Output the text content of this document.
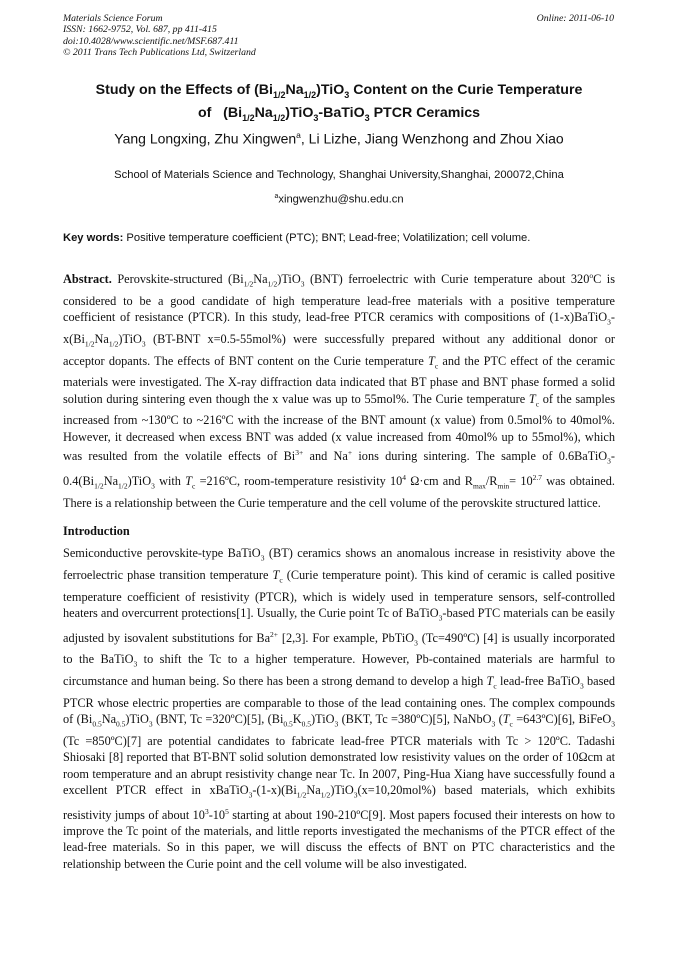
Materials Science Forum
ISSN: 1662-9752, Vol. 687, pp 411-415
doi:10.4028/www.scientific.net/MSF.687.411
© 2011 Trans Tech Publications Ltd, Switzerland
Online: 2011-06-10
Study on the Effects of $(Bi_{1/2}Na_{1/2})TiO_3$ Content on the Curie Temperature
of   $(Bi_{1/2}Na_{1/2})TiO_3-BaTiO_3$ PTCR Ceramics
Yang Longxing, Zhu Xingwen$^a$, Li Lizhe, Jiang Wenzhong and Zhou Xiao
School of Materials Science and Technology, Shanghai University,Shanghai, 200072,China
$^a$xingwenzhu@shu.edu.cn
Key words: Positive temperature coefficient (PTC); BNT; Lead-free; Volatilization; cell volume.
Abstract. Perovskite-structured $(Bi_{1/2}Na_{1/2})TiO_3$ (BNT) ferroelectric with Curie temperature about 320$^o$C is considered to be a good candidate of high temperature lead-free materials with a positive temperature coefficient of resistance (PTCR). In this study, lead-free PTCR ceramics with compositions of $(1-x)BaTiO_3-x(Bi_{1/2}Na_{1/2})TiO_3$ (BT-BNT x=0.5-55mol%) were successfully prepared without any additional donor or acceptor dopants. The effects of BNT content on the Curie temperature $T_c$ and the PTC effect of the ceramic materials were investigated. The X-ray diffraction data indicated that BT phase and BNT phase formed a solid solution during sintering even though the x value was up to 55mol%. The Curie temperature $T_c$ of the samples increased from ~130ºC to ~216ºC with the increase of the BNT amount (x value) from 0.5mol% to 40mol%. However, it decreased when excess BNT was added (x value increased from 40mol% up to 55mol%), which was resulted from the volatile effects of $Bi^{3+}$ and Na+ ions during sintering. The sample of 0.6BaTiO$_3$- $0.4(Bi_{1/2}Na_{1/2})TiO_3$ with $T_c$ =216ºC, room-temperature resistivity $10^4$ Ω·cm and $R_{max}/R_{min}= 10^{2.7}$ was obtained. There is a relationship between the Curie temperature and the cell volume of the perovskite structured lattice.
Introduction
Semiconductive perovskite-type BaTiO$_3$ (BT) ceramics shows an anomalous increase in resistivity above the ferroelectric phase transition temperature $T_c$ (Curie temperature point). This kind of ceramic is called positive temperature coefficient of resistivity (PTCR), which is widely used in temperature sensors, self-controlled heaters and overcurrent protections[1]. Usually, the Curie point Tc of BaTiO$_3$-based PTC materials can be easily adjusted by isovalent substitutions for $Ba^{2+}$ [2,3]. For example, PbTiO$_3$ (Tc=490ºC) [4] is usually incorporated to the BaTiO$_3$ to shift the Tc to a higher temperature. However, Pb-contained materials are harmful to circumstance and human being. So there has been a strong demand to develop a high $T_c$ lead-free BaTiO$_3$ based PTCR whose electric properties are comparable to those of the lead containing ones. The complex compounds of $(Bi_{0.5}Na_{0.5})TiO_3$ (BNT, Tc =320ºC)[5], $(Bi_{0.5}K_{0.5})TiO_3$ (BKT, Tc =380ºC)[5], NaNbO$_3$ ($T_c$ =643ºC)[6], BiFeO$_3$ (Tc =850ºC)[7] are potential candidates to fabricate lead-free PTCR materials with Tc > 120ºC. Tadashi Shiosaki [8] reported that BT-BNT solid solution demonstrated low resistivity values on the order of 10Ωcm at room temperature and an abrupt resistivity change near Tc. In 2007, Ping-Hua Xiang have successfully found a excellent PTCR effect in $xBaTiO_3-(1-x)(Bi_{1/2}Na_{1/2})TiO_3(x=10,20mol\%)$ based materials, which exhibits resistivity jumps of about $10^3-10^5$ starting at about 190-210ºC[9]. Most papers focused their interests on how to improve the Tc point of the materials, and little reports investigated the mechanisms of the PTCR effect of the lead-free materials. So in this paper, we will discuss the effects of BNT on PTC characteristics and the relationship between the Curie point and the cell volume will be also investigated.
